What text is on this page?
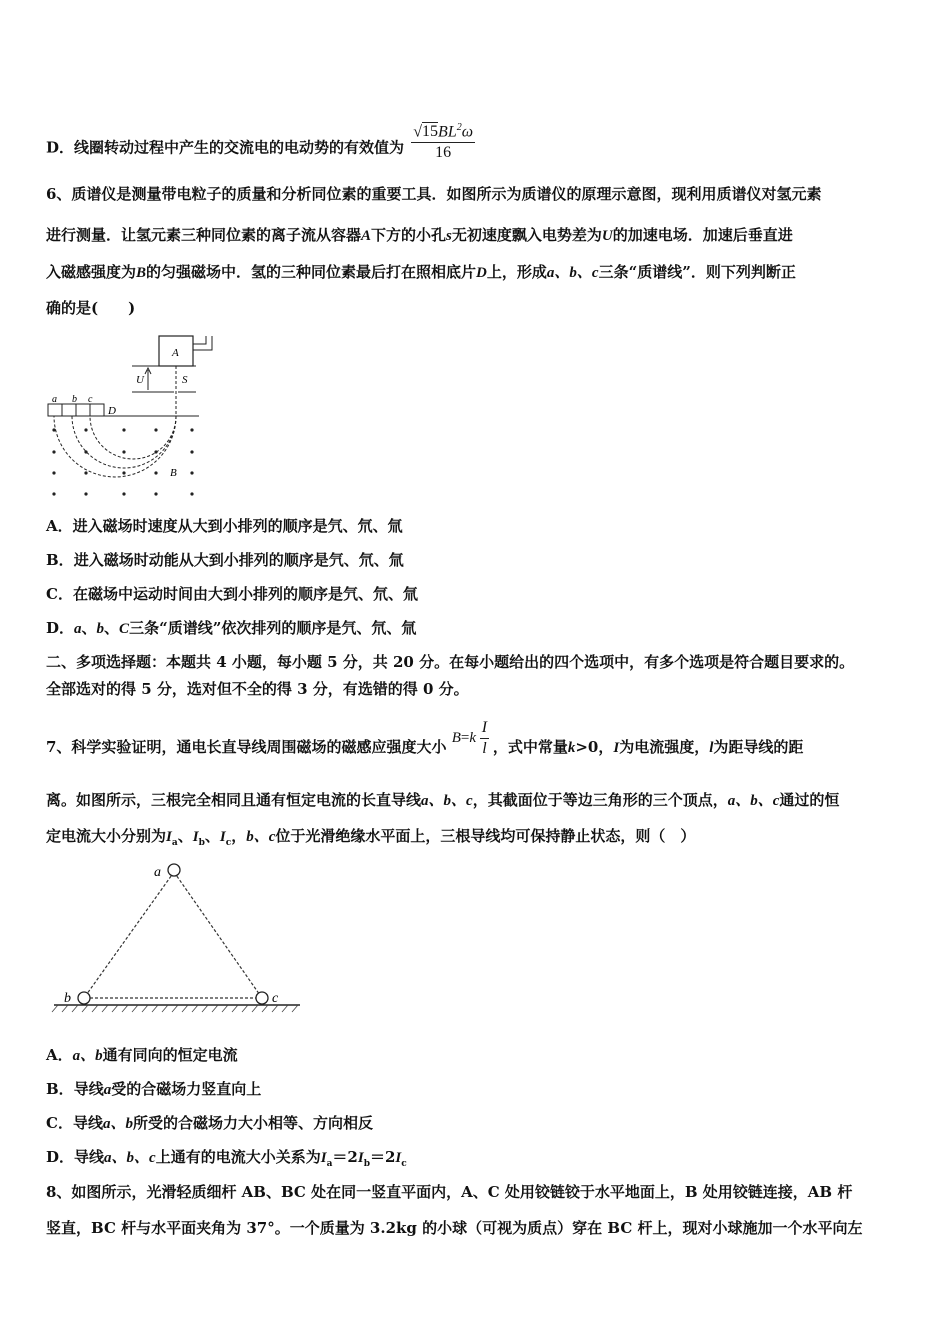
D．线圈转动过程中产生的交流电的电动势的有效值为 $\frac{√15BL^2\omega}{16}$
6、质谱仪是测量带电粒子的质量和分析同位素的重要工具．如图所示为质谱仪的原理示意图，现利用质谱仪对氢元素
进行测量．让氢元素三种同位素的离子流从容器A下方的小孔s无初速度飘入电势差为U的加速电场．加速后垂直进
入磁感强度为B的匀强磁场中．氢的三种同位素最后打在照相底片D上，形成a、b、c三条“质谱线”．则下列判断正
确的是(　　)
A
U	S
D
a b c
B
A．进入磁场时速度从大到小排列的顺序是氕、氘、氚
B．进入磁场时动能从大到小排列的顺序是氕、氘、氚
C．在磁场中运动时间由大到小排列的顺序是氕、氘、氚
D．a、b、C三条“质谱线”依次排列的顺序是氕、氘、氚
二、多项选择题：本题共 4 小题，每小题 5 分，共 20 分。在每小题给出的四个选项中，有多个选项是符合题目要求的。
全部选对的得 5 分，选对但不全的得 3 分，有选错的得 0 分。
7、科学实验证明，通电长直导线周围磁场的磁感应强度大小 $B=k \frac{I}{l}$ ，式中常量k>0，I为电流强度，l为距导线的距
离。如图所示，三根完全相同且通有恒定电流的长直导线a、b、c，其截面位于等边三角形的三个顶点，a、b、c通过的恒
定电流大小分别为$I_a$、$I_b$、$I_c$，b、c位于光滑绝缘水平面上，三根导线均可保持静止状态，则（　）
a
b	c
A．a、b通有同向的恒定电流
B．导线a受的合磁场力竖直向上
C．导线a、b所受的合磁场力大小相等、方向相反
D．导线a、b、c上通有的电流大小关系为$I_a=2I_b=2I_c$
8、如图所示，光滑轻质细杆 AB、BC 处在同一竖直平面内，A、C 处用铰链铰于水平地面上，B 处用铰链连接，AB 杆
竖直，BC 杆与水平面夹角为 37°。一个质量为 3.2kg 的小球（可视为质点）穿在 BC 杆上，现对小球施加一个水平向左
